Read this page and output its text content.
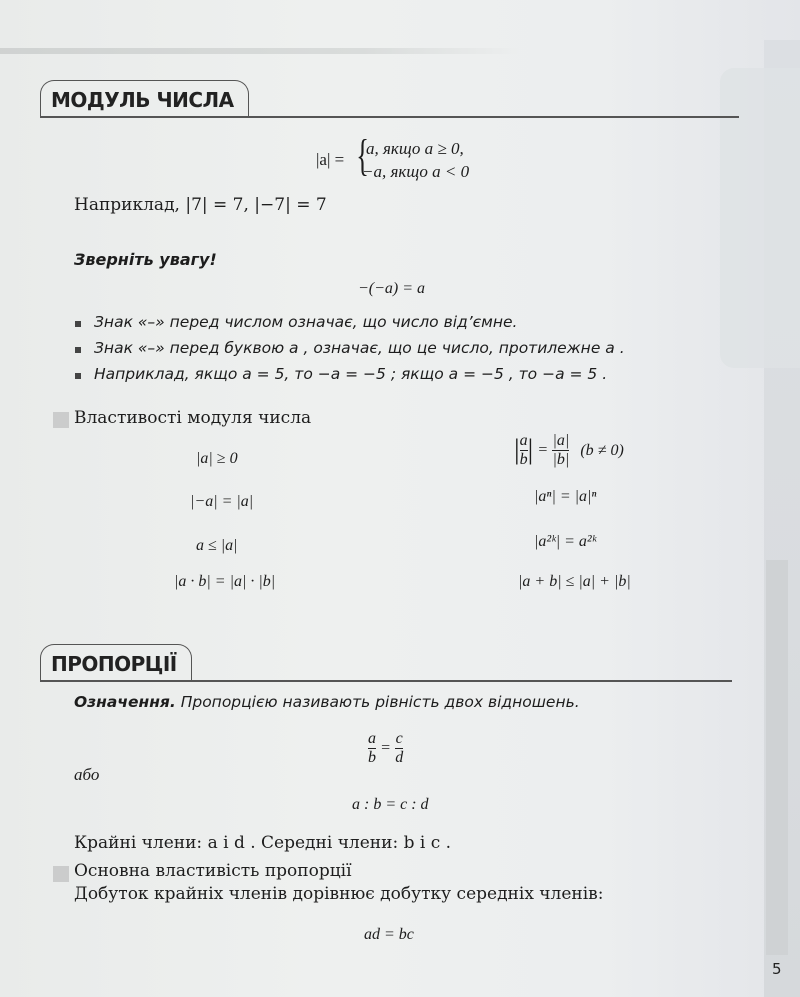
МОДУЛЬ ЧИСЛА
|a| = {
a, якщо a ≥ 0,
−a, якщо a < 0
Наприклад, |7| = 7, |−7| = 7
Зверніть увагу!
−(−a) = a
Знак «–» перед числом означає, що число від’ємне.
Знак «–» перед буквою a , означає, що це число, протилежне a .
Наприклад, якщо a = 5, то −a = −5 ; якщо a = −5 , то −a = 5 .
Властивості модуля числа
|a| ≥ 0
|−a| = |a|
a ≤ |a|
|a · b| = |a| · |b|
| $\frac{a}{b}$ | = $\frac{|a|}{|b|} (b \ne 0)$
|aⁿ| = |a|ⁿ
|a²ᵏ| = a²ᵏ
|a + b| ≤ |a| + |b|
ПРОПОРЦІЇ
Означення. Пропорцією називають рівність двох відношень.
$\frac{a}{b} = \frac{c}{d}$
або
a : b = c : d
Крайні члени: a і d . Середні члени: b і c .
Основна властивість пропорції
Добуток крайніх членів дорівнює добутку середніх членів:
ad = bc
5
